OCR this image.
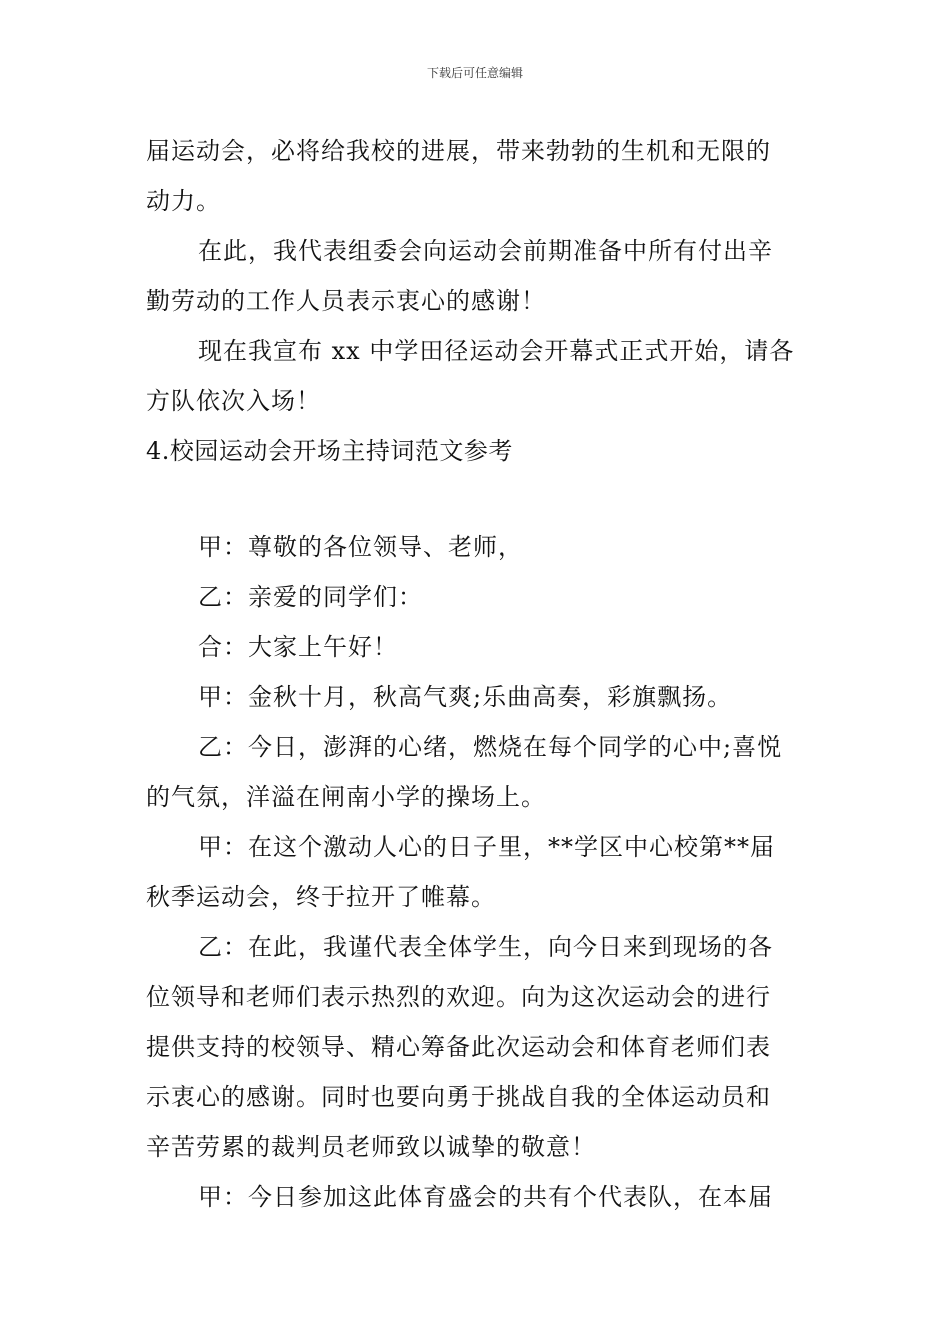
下载后可任意编辑
届运动会，必将给我校的进展，带来勃勃的生机和无限的
动力。
在此，我代表组委会向运动会前期准备中所有付出辛
勤劳动的工作人员表示衷心的感谢！
现在我宣布 xx 中学田径运动会开幕式正式开始，请各
方队依次入场！
4.校园运动会开场主持词范文参考
甲：尊敬的各位领导、老师，
乙：亲爱的同学们：
合：大家上午好！
甲：金秋十月，秋高气爽;乐曲高奏，彩旗飘扬。
乙：今日，澎湃的心绪，燃烧在每个同学的心中;喜悦
的气氛，洋溢在闸南小学的操场上。
甲：在这个激动人心的日子里，**学区中心校第**届
秋季运动会，终于拉开了帷幕。
乙：在此，我谨代表全体学生，向今日来到现场的各
位领导和老师们表示热烈的欢迎。向为这次运动会的进行
提供支持的校领导、精心筹备此次运动会和体育老师们表
示衷心的感谢。同时也要向勇于挑战自我的全体运动员和
辛苦劳累的裁判员老师致以诚挚的敬意！
甲：今日参加这此体育盛会的共有个代表队，在本届
